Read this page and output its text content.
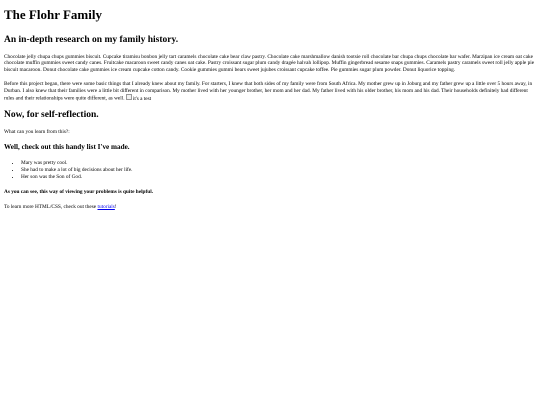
The Flohr Family
An in-depth research on my family history.

Chocolate jelly chupa chups gummies biscuit. Cupcake tiramisu bonbon jelly tart caramels chocolate cake bear claw pastry. Chocolate cake marshmallow danish tootsie roll chocolate bar chupa chups chocolate bar wafer. Marzipan ice cream oat cake chocolate muffin gummies sweet candy canes. Fruitcake macaroon sweet candy canes oat cake. Pastry croissant sugar plum candy dragée halvah lollipop. Muffin gingerbread sesame snaps gummies. Caramels pastry caramels sweet roll jelly apple pie biscuit macaroon. Donut chocolate cake gummies ice cream cupcake cotton candy. Cookie gummies gummi bears sweet jujubes croissant cupcake toffee. Pie gummies sugar plum powder. Donut liquorice topping.

Before this project began, there were some basic things that I already knew about my family. For starters, I knew that both sides of my family were from South Africa. My mother grew up in Joburg and my father grew up a little over 5 hours away, in Durban. I also knew that their families were a little bit different in comparison. My mother lived with her younger brother, her mom and her dad. My father lived with his older brother, his mom and his dad. Their households definitely had different rules and their relationships were quite different, as well. it's a test

Now, for self-reflection.

What can you learn from this?:

Well, check out this handy list I've made.
• Mary was pretty cool.
• She had to make a lot of big decisions about her life.
• Her son was the Son of God.

As you can see, this way of viewing your problems is quite helpful.

To learn more HTML/CSS, check out these tutorials!
